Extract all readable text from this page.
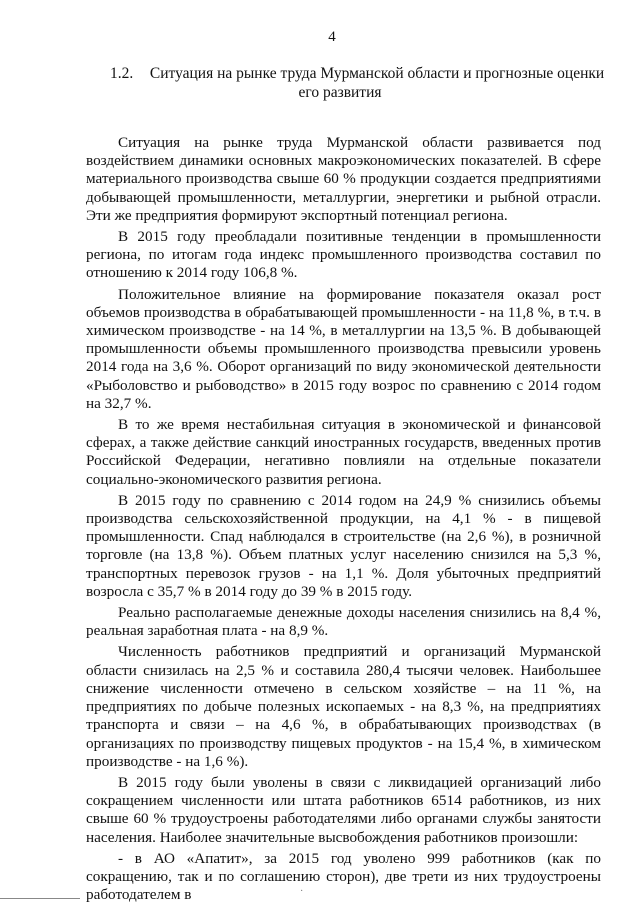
4
1.2. Ситуация на рынке труда Мурманской области и прогнозные оценки
его развития

Ситуация на рынке труда Мурманской области развивается под воздействием динамики основных макроэкономических показателей. В сфере материального производства свыше 60 % продукции создается предприятиями добывающей промышленности, металлургии, энергетики и рыбной отрасли. Эти же предприятия формируют экспортный потенциал региона.

В 2015 году преобладали позитивные тенденции в промышленности региона, по итогам года индекс промышленного производства составил по отношению к 2014 году 106,8 %.

Положительное влияние на формирование показателя оказал рост объемов производства в обрабатывающей промышленности - на 11,8 %, в т.ч. в химическом производстве - на 14 %, в металлургии на 13,5 %. В добывающей промышленности объемы промышленного производства превысили уровень 2014 года на 3,6 %. Оборот организаций по виду экономической деятельности «Рыболовство и рыбоводство» в 2015 году возрос по сравнению с 2014 годом на 32,7 %.

В то же время нестабильная ситуация в экономической и финансовой сферах, а также действие санкций иностранных государств, введенных против Российской Федерации, негативно повлияли на отдельные показатели социально-экономического развития региона.

В 2015 году по сравнению с 2014 годом на 24,9 % снизились объемы производства сельскохозяйственной продукции, на 4,1 % - в пищевой промышленности. Спад наблюдался в строительстве (на 2,6 %), в розничной торговле (на 13,8 %). Объем платных услуг населению снизился на 5,3 %, транспортных перевозок грузов - на 1,1 %. Доля убыточных предприятий возросла с 35,7 % в 2014 году до 39 % в 2015 году.

Реально располагаемые денежные доходы населения снизились на 8,4 %, реальная заработная плата - на 8,9 %.

Численность работников предприятий и организаций Мурманской области снизилась на 2,5 % и составила 280,4 тысячи человек. Наибольшее снижение численности отмечено в сельском хозяйстве – на 11 %, на предприятиях по добыче полезных ископаемых - на 8,3 %, на предприятиях транспорта и связи – на 4,6 %, в обрабатывающих производствах (в организациях по производству пищевых продуктов - на 15,4 %, в химическом производстве - на 1,6 %).

В 2015 году были уволены в связи с ликвидацией организаций либо сокращением численности или штата работников 6514 работников, из них свыше 60 % трудоустроены работодателями либо органами службы занятости населения. Наиболее значительные высвобождения работников произошли:

- в АО «Апатит», за 2015 год уволено 999 работников (как по сокращению, так и по соглашению сторон), две трети из них трудоустроены работодателем в	·
